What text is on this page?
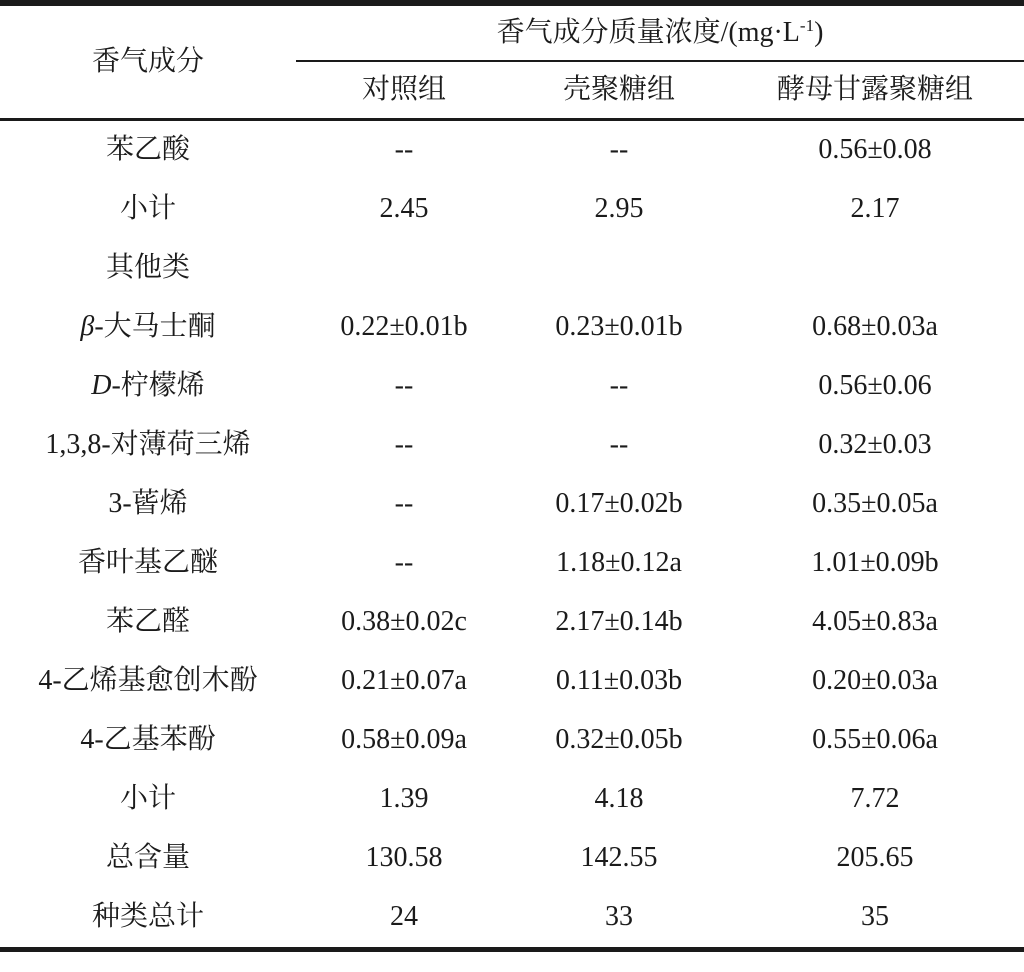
香气成分	香气成分质量浓度$/(mg\cdot L^{-1})$		
	对照组	壳聚糖组	酵母甘露聚糖组
苯乙酸	--	--	0.56±0.08
小计	2.45	2.95	2.17
其他类			
β-大马士酮	0.22±0.01b	0.23±0.01b	0.68±0.03a
D-柠檬烯	--	--	0.56±0.06
1,3,8-对薄荷三烯	--	--	0.32±0.03
3-蒈烯	--	0.17±0.02b	0.35±0.05a
香叶基乙醚	--	1.18±0.12a	1.01±0.09b
苯乙醛	0.38±0.02c	2.17±0.14b	4.05±0.83a
4-乙烯基愈创木酚	0.21±0.07a	0.11±0.03b	0.20±0.03a
4-乙基苯酚	0.58±0.09a	0.32±0.05b	0.55±0.06a
小计	1.39	4.18	7.72
总含量	130.58	142.55	205.65
种类总计	24	33	35
